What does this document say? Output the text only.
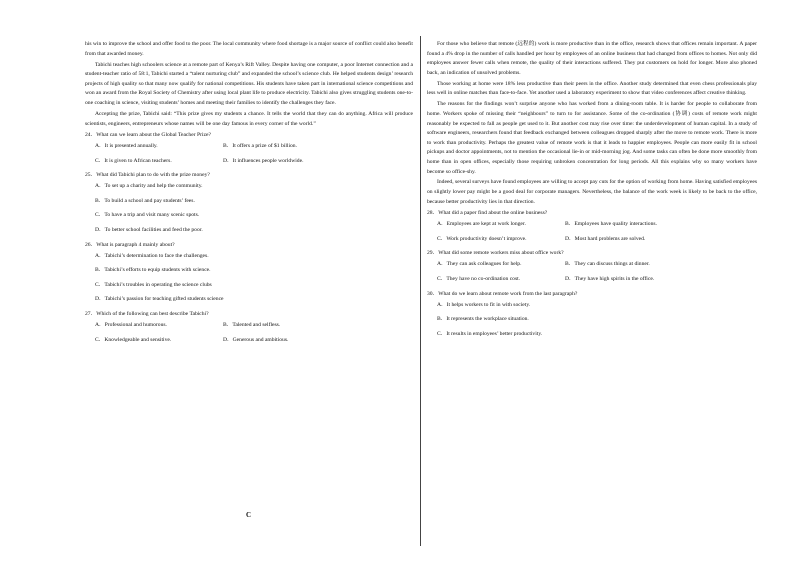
his win to improve the school and offer food to the poor. The local community where food shortage is a major source of conflict could also benefit from that awarded money.
Tabichi teaches high schoolers science at a remote part of Kenya’s Rift Valley. Despite having one computer, a poor Internet connection and a student-teacher ratio of 58:1, Tabichi started a “talent nurturing club” and expanded the school’s science club. He helped students design’ research projects of high quality so that many now qualify for national competitions. His students have taken part in international science competitions and won an award from the Royal Society of Chemistry after using local plant life to produce electricity. Tabichi also gives struggling students one-to-one coaching in science, visiting students’ homes and meeting their families to identify the challenges they face.
Accepting the prize, Tabichi said: “This prize gives my students a chance. It tells the world that they can do anything. Africa will produce scientists, engineers, entrepreneurs whose names will be one day famous in every corner of the world.”
24．What can we learn about the Global Teacher Prize?
A．It is presented annually.	B．It offers a prize of $1 billion.
C．It is given to African teachers.	D．It influences people worldwide.
25．What did Tabichi plan to do with the prize money?
A．To set up a charity and help the community.
B．To build a school and pay students’ fees.
C．To have a trip and visit many scenic spots.
D．To better school facilities and feed the poor.
26．What is paragraph 4 mainly about?
A．Tabichi’s determination to face the challenges.
B．Tabichi’s efforts to equip students with science.
C．Tabichi’s troubles in operating the science clubs
D．Tabichi’s passion for teaching gifted students science
27．Which of the following can best describe Tabichi?
A．Professional and humorous.	B．Talented and selfless.
C．Knowledgeable and sensitive.	D．Generous and ambitious.
For those who believe that remote (远程的) work is more productive than in the office, research shows that offices remain important. A paper found a 4% drop in the number of calls handled per hour by employees of an online business that had changed from offices to homes. Not only did employees answer fewer calls when remote, the quality of their interactions suffered. They put customers on hold for longer. More also phoned back, an indication of unsolved problems.
Those working at home were 18% less productive than their peers in the office. Another study determined that even chess professionals play less well in online matches than face-to-face. Yet another used a laboratory experiment to show that video conferences affect creative thinking.
The reasons for the findings won’t surprise anyone who has worked from a dining-room table. It is harder for people to collaborate from home. Workers spoke of missing their “neighbours” to turn to for assistance. Some of the co-ordination (协调) costs of remote work might reasonably be expected to fall as people get used to it. But another cost may rise over time: the underdevelopment of human capital. In a study of software engineers, researchers found that feedback exchanged between colleagues dropped sharply after the move to remote work. There is more to work than productivity. Perhaps the greatest value of remote work is that it leads to happier employees. People can more easily fit in school pickups and doctor appointments, not to mention the occasional lie-in or mid-morning jog. And some tasks can often be done more smoothly from home than in open offices, especially those requiring unbroken concentration for long periods. All this explains why so many workers have become so office-shy.
Indeed, several surveys have found employees are willing to accept pay cuts for the option of working from home. Having satisfied employees on slightly lower pay might be a good deal for corporate managers. Nevertheless, the balance of the work week is likely to be back to the office, because better productivity lies in that direction.
28．What did a paper find about the online business?
A．Employees are kept at work longer.	B．Employees have quality interactions.
C．Work productivity doesn’t improve.	D．Most hard problems are solved.
29．What did some remote workers miss about office work?
A．They can ask colleagues for help.	B．They can discuss things at dinner.
C．They have no co-ordination cost.	D．They have high spirits in the office.
30．What do we learn about remote work from the last paragraph?
A．It helps workers to fit in with society.
B．It represents the workplace situation.
C．It results in employees’ better productivity.
C
